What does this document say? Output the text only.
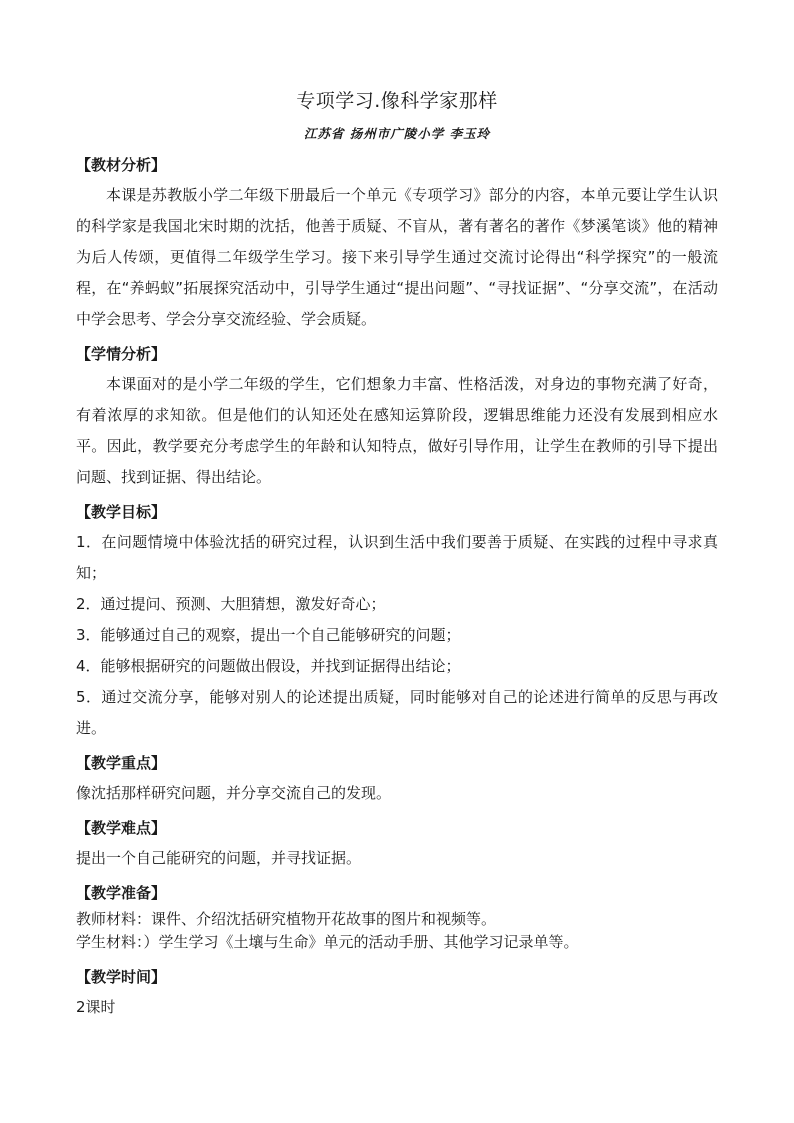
专项学习.像科学家那样
江苏省 扬州市广陵小学 李玉玲

【教材分析】

本课是苏教版小学二年级下册最后一个单元《专项学习》部分的内容，本单元要让学生认识的科学家是我国北宋时期的沈括，他善于质疑、不盲从，著有著名的著作《梦溪笔谈》他的精神为后人传颂，更值得二年级学生学习。接下来引导学生通过交流讨论得出“科学探究”的一般流程，在“养蚂蚁”拓展探究活动中，引导学生通过“提出问题”、“寻找证据”、“分享交流”，在活动中学会思考、学会分享交流经验、学会质疑。

【学情分析】

本课面对的是小学二年级的学生，它们想象力丰富、性格活泼，对身边的事物充满了好奇，有着浓厚的求知欲。但是他们的认知还处在感知运算阶段，逻辑思维能力还没有发展到相应水平。因此，教学要充分考虑学生的年龄和认知特点，做好引导作用，让学生在教师的引导下提出问题、找到证据、得出结论。

【教学目标】

1．在问题情境中体验沈括的研究过程，认识到生活中我们要善于质疑、在实践的过程中寻求真知；

2．通过提问、预测、大胆猜想，激发好奇心；

3．能够通过自己的观察，提出一个自己能够研究的问题；

4．能够根据研究的问题做出假设，并找到证据得出结论；

5．通过交流分享，能够对别人的论述提出质疑，同时能够对自己的论述进行简单的反思与再改进。

【教学重点】

像沈括那样研究问题，并分享交流自己的发现。

【教学难点】

提出一个自己能研究的问题，并寻找证据。

【教学准备】

教师材料：课件、介绍沈括研究植物开花故事的图片和视频等。

学生材料：）学生学习《土壤与生命》单元的活动手册、其他学习记录单等。

【教学时间】

2课时
